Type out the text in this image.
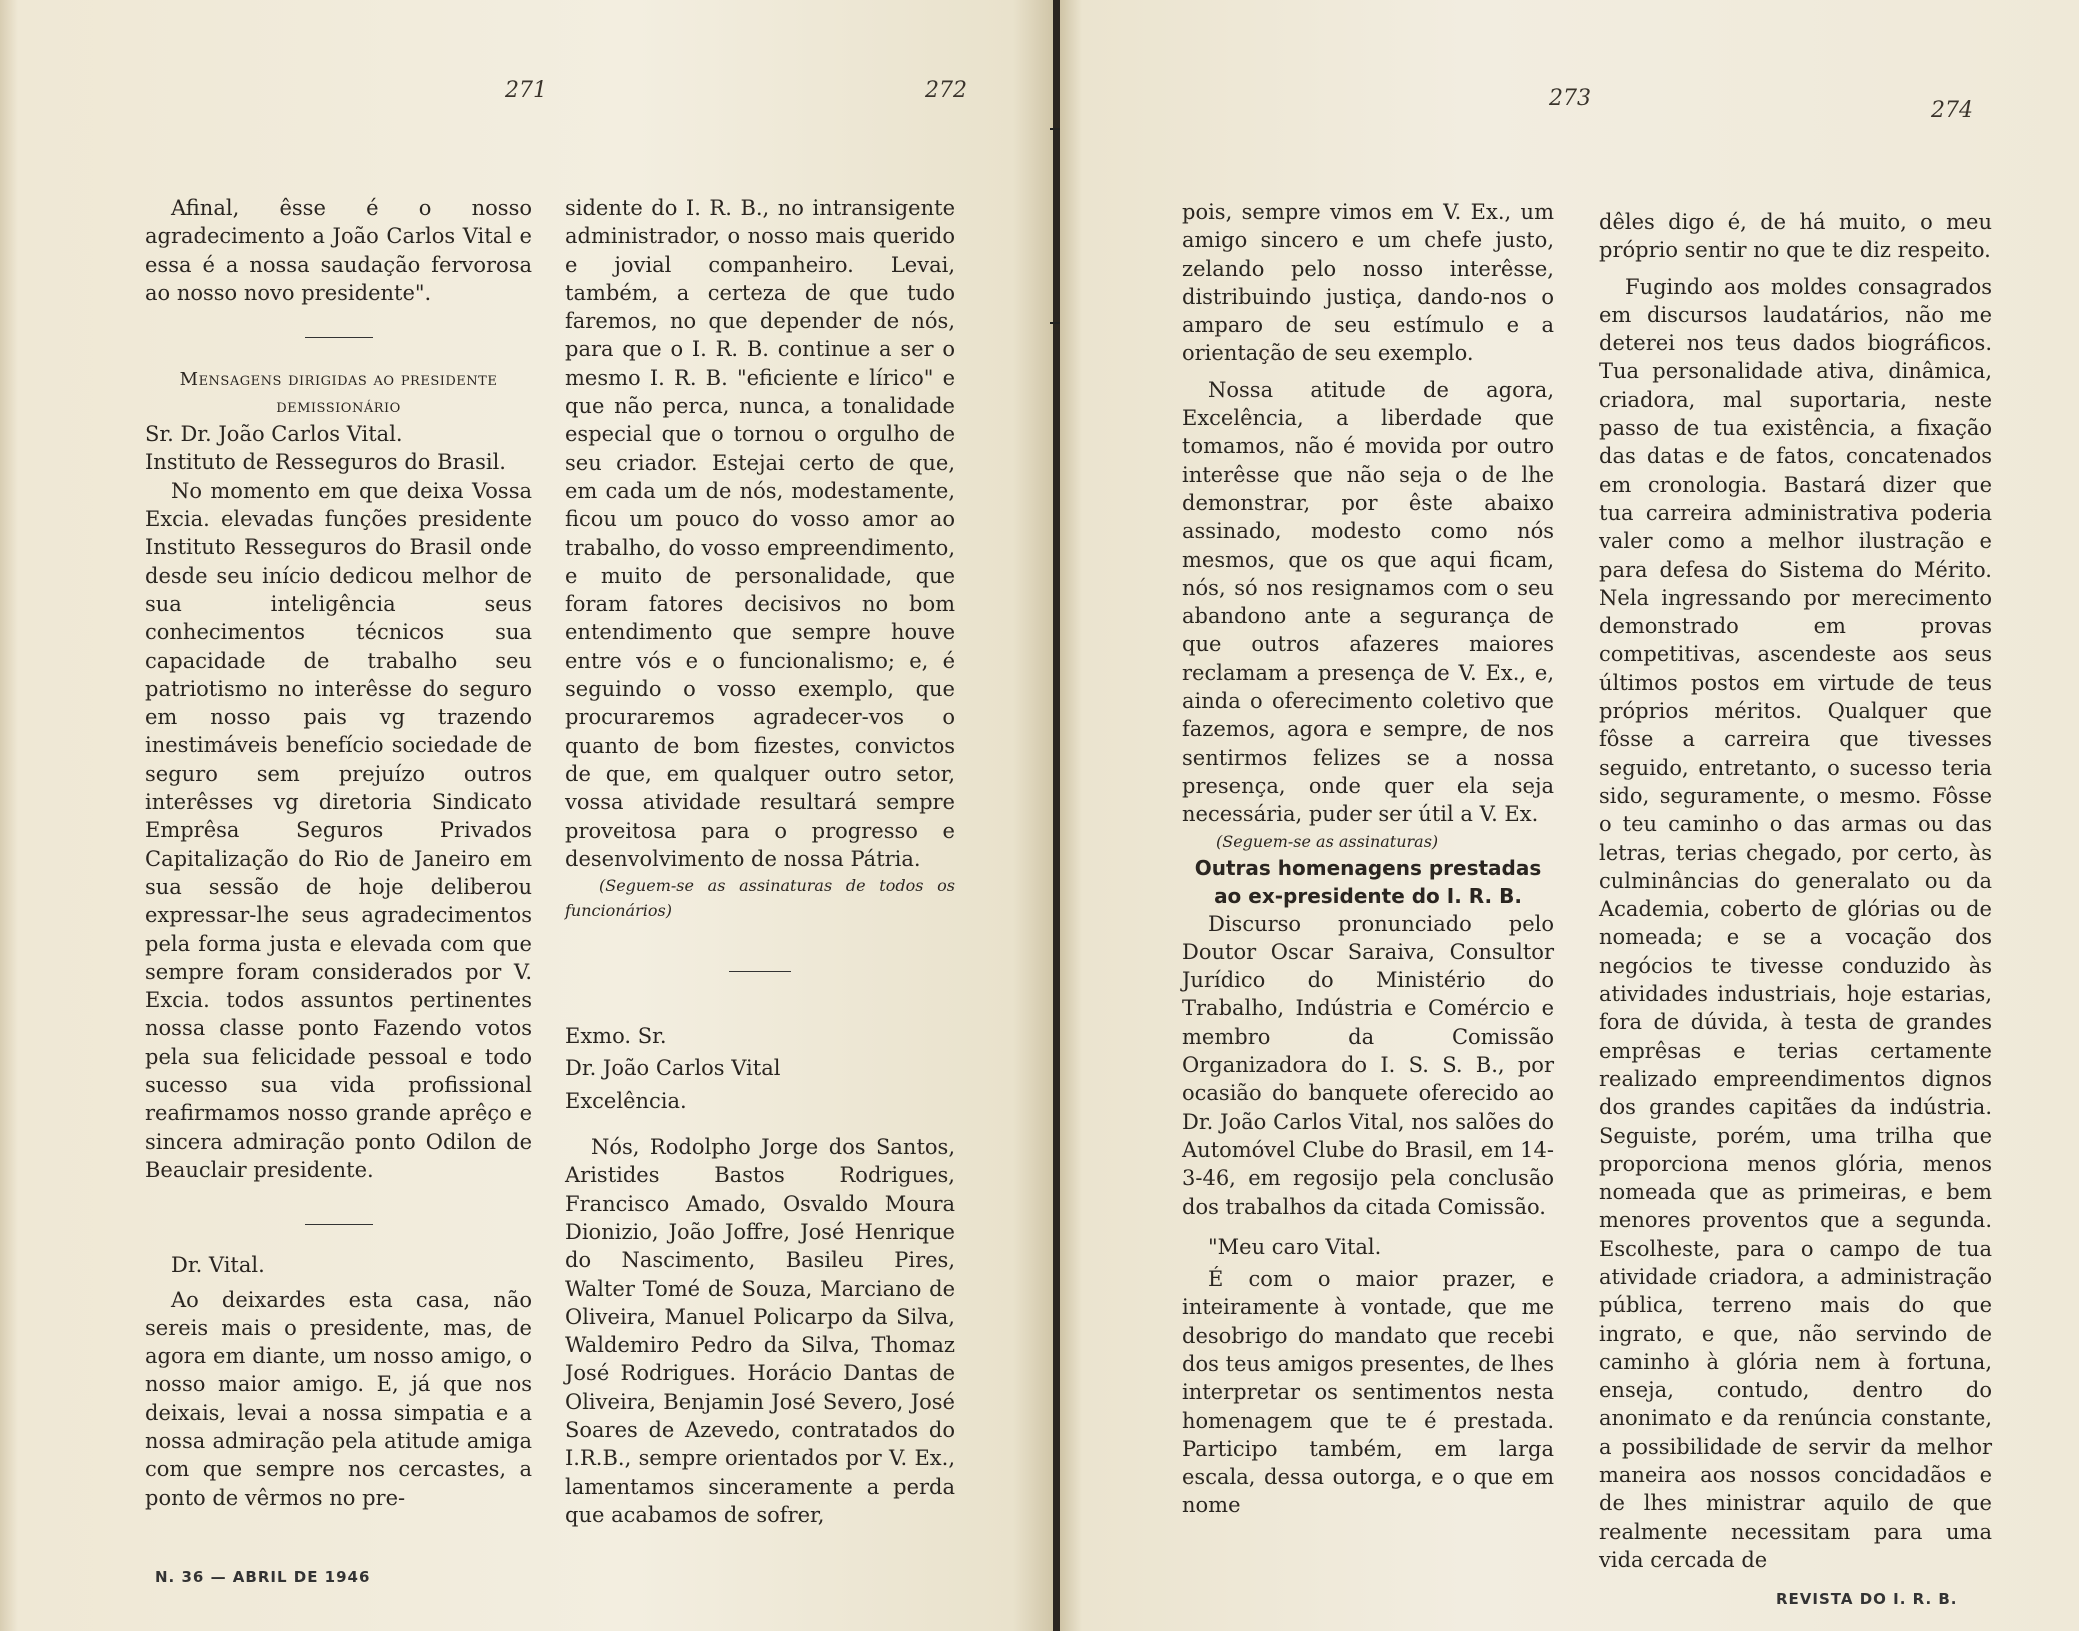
271	272

Afinal, êsse é o nosso agradecimento a João Carlos Vital e essa é a nossa saudação fervorosa ao nosso novo presidente".

Mensagens dirigidas ao presidente demissionário

Sr. Dr. João Carlos Vital.

Instituto de Resseguros do Brasil.

No momento em que deixa Vossa Excia. elevadas funções presidente Instituto Resseguros do Brasil onde desde seu início dedicou melhor de sua inteligência seus conhecimentos técnicos sua capacidade de trabalho seu patriotismo no interêsse do seguro em nosso pais vg trazendo inestimáveis benefício sociedade de seguro sem prejuízo outros interêsses vg diretoria Sindicato Emprêsa Seguros Privados Capitalização do Rio de Janeiro em sua sessão de hoje deliberou expressar-lhe seus agradecimentos pela forma justa e elevada com que sempre foram considerados por V. Excia. todos assuntos pertinentes nossa classe ponto Fazendo votos pela sua felicidade pessoal e todo sucesso sua vida profissional reafirmamos nosso grande aprêço e sincera admiração ponto Odilon de Beauclair presidente.

Dr. Vital.

Ao deixardes esta casa, não sereis mais o presidente, mas, de agora em diante, um nosso amigo, o nosso maior amigo. E, já que nos deixais, levai a nossa simpatia e a nossa admiração pela atitude amiga com que sempre nos cercastes, a ponto de vêrmos no pre-

sidente do I. R. B., no intransigente administrador, o nosso mais querido e jovial companheiro. Levai, também, a certeza de que tudo faremos, no que depender de nós, para que o I. R. B. continue a ser o mesmo I. R. B. "eficiente e lírico" e que não perca, nunca, a tonalidade especial que o tornou o orgulho de seu criador. Estejai certo de que, em cada um de nós, modestamente, ficou um pouco do vosso amor ao trabalho, do vosso empreendimento, e muito de personalidade, que foram fatores decisivos no bom entendimento que sempre houve entre vós e o funcionalismo; e, é seguindo o vosso exemplo, que procuraremos agradecer-vos o quanto de bom fizestes, convictos de que, em qualquer outro setor, vossa atividade resultará sempre proveitosa para o progresso e desenvolvimento de nossa Pátria.

(Seguem-se as assinaturas de todos os funcionários)

Exmo. Sr.

Dr. João Carlos Vital

Excelência.

Nós, Rodolpho Jorge dos Santos, Aristides Bastos Rodrigues, Francisco Amado, Osvaldo Moura Dionizio, João Joffre, José Henrique do Nascimento, Basileu Pires, Walter Tomé de Souza, Marciano de Oliveira, Manuel Policarpo da Silva, Waldemiro Pedro da Silva, Thomaz José Rodrigues. Horácio Dantas de Oliveira, Benjamin José Severo, José Soares de Azevedo, contratados do I.R.B., sempre orientados por V. Ex., lamentamos sinceramente a perda que acabamos de sofrer,

N. 36 — ABRIL DE 1946
273	274

pois, sempre vimos em V. Ex., um amigo sincero e um chefe justo, zelando pelo nosso interêsse, distribuindo justiça, dando-nos o amparo de seu estímulo e a orientação de seu exemplo.

Nossa atitude de agora, Excelência, a liberdade que tomamos, não é movida por outro interêsse que não seja o de lhe demonstrar, por êste abaixo assinado, modesto como nós mesmos, que os que aqui ficam, nós, só nos resignamos com o seu abandono ante a segurança de que outros afazeres maiores reclamam a presença de V. Ex., e, ainda o oferecimento coletivo que fazemos, agora e sempre, de nos sentirmos felizes se a nossa presença, onde quer ela seja necessária, puder ser útil a V. Ex.

(Seguem-se as assinaturas)

Outras homenagens prestadas ao ex-presidente do I. R. B.

Discurso pronunciado pelo Doutor Oscar Saraiva, Consultor Jurídico do Ministério do Trabalho, Indústria e Comércio e membro da Comissão Organizadora do I. S. S. B., por ocasião do banquete oferecido ao Dr. João Carlos Vital, nos salões do Automóvel Clube do Brasil, em 14-3-46, em regosijo pela conclusão dos trabalhos da citada Comissão.

"Meu caro Vital.

É com o maior prazer, e inteiramente à vontade, que me desobrigo do mandato que recebi dos teus amigos presentes, de lhes interpretar os sentimentos nesta homenagem que te é prestada. Participo também, em larga escala, dessa outorga, e o que em nome

dêles digo é, de há muito, o meu próprio sentir no que te diz respeito.

Fugindo aos moldes consagrados em discursos laudatários, não me deterei nos teus dados biográficos. Tua personalidade ativa, dinâmica, criadora, mal suportaria, neste passo de tua existência, a fixação das datas e de fatos, concatenados em cronologia. Bastará dizer que tua carreira administrativa poderia valer como a melhor ilustração e para defesa do Sistema do Mérito. Nela ingressando por merecimento demonstrado em provas competitivas, ascendeste aos seus últimos postos em virtude de teus próprios méritos. Qualquer que fôsse a carreira que tivesses seguido, entretanto, o sucesso teria sido, seguramente, o mesmo. Fôsse o teu caminho o das armas ou das letras, terias chegado, por certo, às culminâncias do generalato ou da Academia, coberto de glórias ou de nomeada; e se a vocação dos negócios te tivesse conduzido às atividades industriais, hoje estarias, fora de dúvida, à testa de grandes emprêsas e terias certamente realizado empreendimentos dignos dos grandes capitães da indústria. Seguiste, porém, uma trilha que proporciona menos glória, menos nomeada que as primeiras, e bem menores proventos que a segunda. Escolheste, para o campo de tua atividade criadora, a administração pública, terreno mais do que ingrato, e que, não servindo de caminho à glória nem à fortuna, enseja, contudo, dentro do anonimato e da renúncia constante, a possibilidade de servir da melhor maneira aos nossos concidadãos e de lhes ministrar aquilo de que realmente necessitam para uma vida cercada de

REVISTA DO I. R. B.
